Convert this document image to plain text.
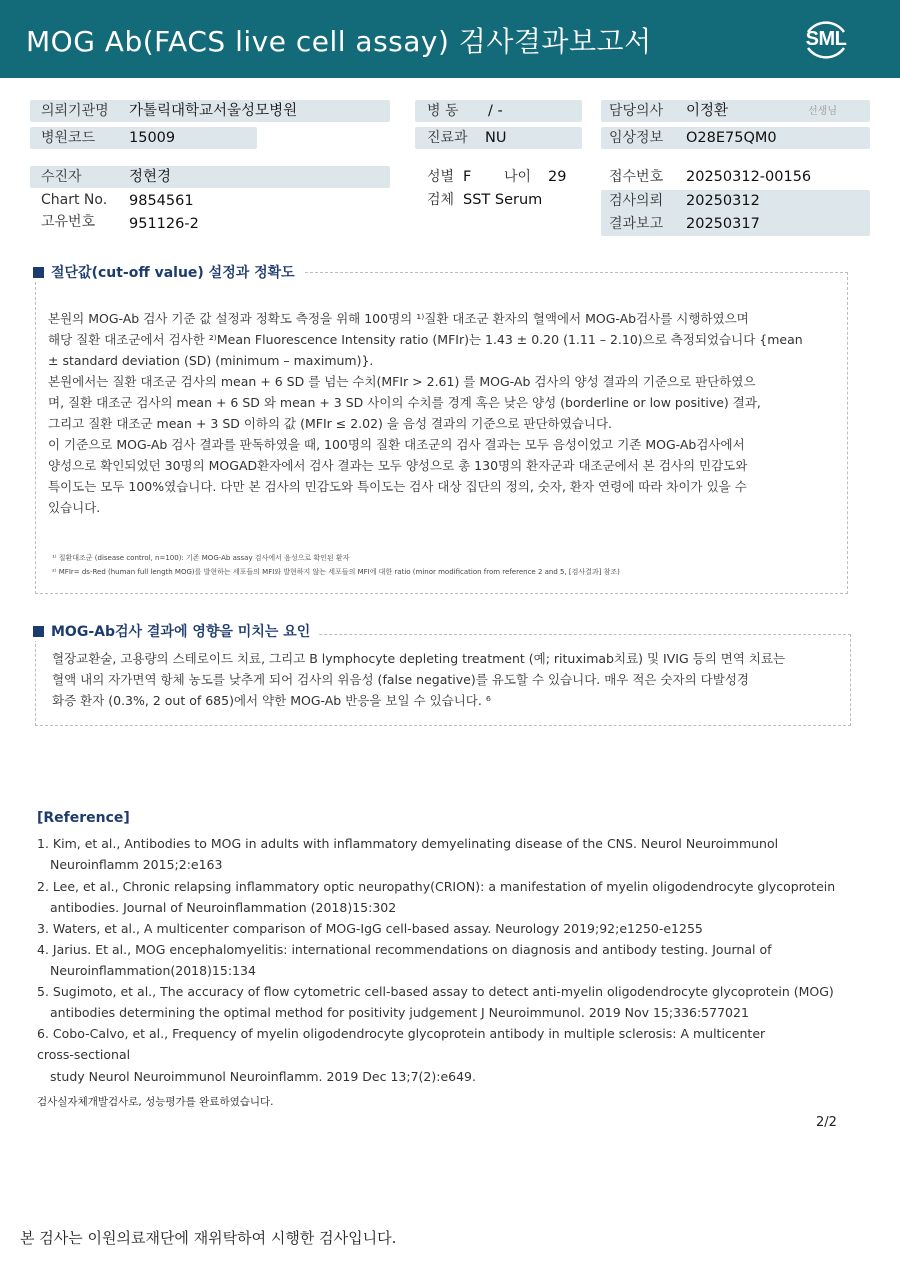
MOG Ab(FACS live cell assay) 검사결과보고서	SML
의뢰기관명 가톨릭대학교서울성모병원
병원코드 15009
병 동 / -
진료과 NU
담당의사 이정환	선생님
임상정보 O28E75QM0
수진자	정현경
Chart No. 9854561
고유번호 951126-2
성별 F 나이 29
검체 SST Serum
접수번호 20250312-00156
검사의뢰 20250312
결과보고 20250317
절단값(cut-off value) 설정과 정확도
본원의 MOG-Ab 검사 기준 값 설정과 정확도 측정을 위해 100명의 ¹⁾질환 대조군 환자의 혈액에서 MOG-Ab검사를 시행하였으며
해당 질환 대조군에서 검사한 ²⁾Mean Fluorescence Intensity ratio (MFIr)는 1.43 ± 0.20 (1.11 – 2.10)으로 측정되었습니다 {mean
± standard deviation (SD) (minimum – maximum)}.
본원에서는 질환 대조군 검사의 mean + 6 SD 를 넘는 수치(MFIr > 2.61) 를 MOG-Ab 검사의 양성 결과의 기준으로 판단하였으
며, 질환 대조군 검사의 mean + 6 SD 와 mean + 3 SD 사이의 수치를 경계 혹은 낮은 양성 (borderline or low positive) 결과,
그리고 질환 대조군 mean + 3 SD 이하의 값 (MFIr ≤ 2.02) 을 음성 결과의 기준으로 판단하였습니다.
이 기준으로 MOG-Ab 검사 결과를 판독하였을 때, 100명의 질환 대조군의 검사 결과는 모두 음성이었고 기존 MOG-Ab검사에서
양성으로 확인되었던 30명의 MOGAD환자에서 검사 결과는 모두 양성으로 총 130명의 환자군과 대조군에서 본 검사의 민감도와
특이도는 모두 100%였습니다. 다만 본 검사의 민감도와 특이도는 검사 대상 집단의 정의, 숫자, 환자 연령에 따라 차이가 있을 수
있습니다.
¹⁾ 질환대조군 (disease control, n=100): 기존 MOG-Ab assay 검사에서 음성으로 확인된 환자
²⁾ MFIr= ds-Red (human full length MOG)를 발현하는 세포들의 MFI와 발현하지 않는 세포들의 MFI에 대한 ratio (minor modification from reference 2 and 5, [검사결과] 참조)
MOG-Ab검사 결과에 영향을 미치는 요인
혈장교환술, 고용량의 스테로이드 치료, 그리고 B lymphocyte depleting treatment (예; rituximab치료) 및 IVIG 등의 면역 치료는
혈액 내의 자가면역 항체 농도를 낮추게 되어 검사의 위음성 (false negative)를 유도할 수 있습니다. 매우 적은 숫자의 다발성경
화증 환자 (0.3%, 2 out of 685)에서 약한 MOG-Ab 반응을 보일 수 있습니다. ⁶
[Reference]
1. Kim, et al., Antibodies to MOG in adults with inflammatory demyelinating disease of the CNS. Neurol Neuroimmunol
Neuroinflamm 2015;2:e163
2. Lee, et al., Chronic relapsing inflammatory optic neuropathy(CRION): a manifestation of myelin oligodendrocyte glycoprotein
antibodies. Journal of Neuroinflammation (2018)15:302
3. Waters, et al., A multicenter comparison of MOG-IgG cell-based assay. Neurology 2019;92;e1250-e1255
4. Jarius. Et al., MOG encephalomyelitis: international recommendations on diagnosis and antibody testing. Journal of
Neuroinflammation(2018)15:134
5. Sugimoto, et al., The accuracy of flow cytometric cell-based assay to detect anti-myelin oligodendrocyte glycoprotein (MOG)
antibodies determining the optimal method for positivity judgement J Neuroimmunol. 2019 Nov 15;336:577021
6. Cobo-Calvo, et al., Frequency of myelin oligodendrocyte glycoprotein antibody in multiple sclerosis: A multicenter
cross-sectional
study Neurol Neuroimmunol Neuroinflamm. 2019 Dec 13;7(2):e649.
검사실자체개발검사로, 성능평가를 완료하였습니다.
2/2
본 검사는 이원의료재단에 재위탁하여 시행한 검사입니다.
